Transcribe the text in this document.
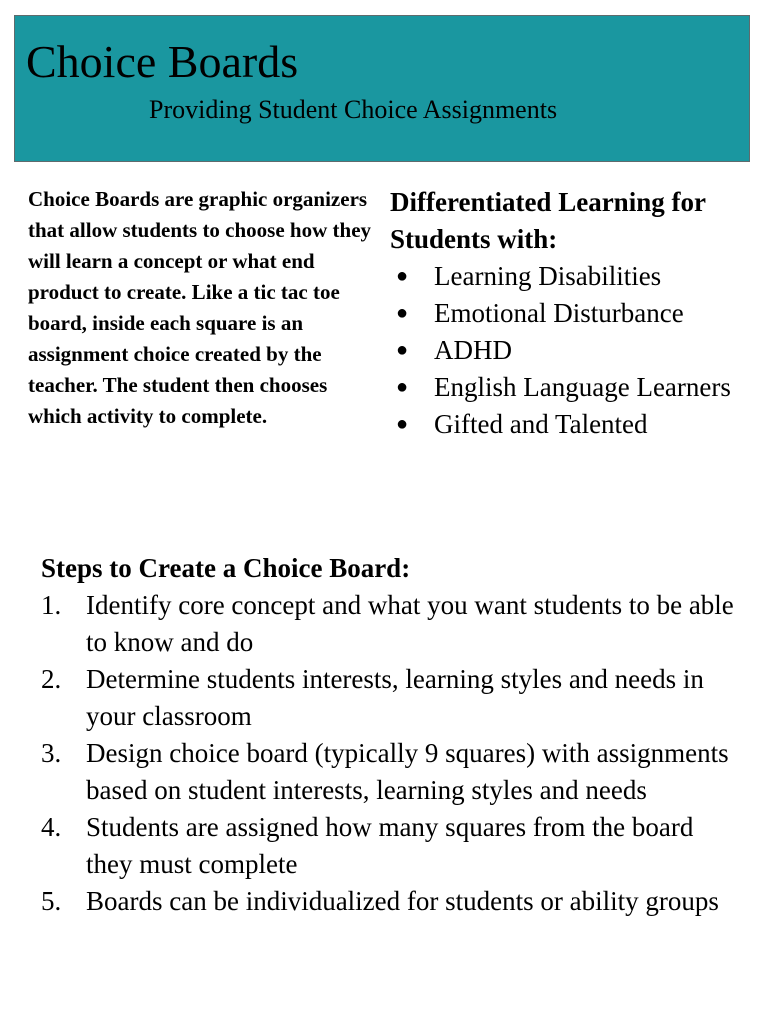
Choice Boards
Providing Student Choice Assignments

Choice Boards are graphic organizers that allow students to choose how they will learn a concept or what end product to create. Like a tic tac toe board, inside each square is an assignment choice created by the teacher. The student then chooses which activity to complete.

Differentiated Learning for Students with:

● Learning Disabilities
● Emotional Disturbance
● ADHD
● English Language Learners
● Gifted and Talented

Steps to Create a Choice Board:

1. Identify core concept and what you want students to be able to know and do
2. Determine students interests, learning styles and needs in your classroom
3. Design choice board (typically 9 squares) with assignments based on student interests, learning styles and needs
4. Students are assigned how many squares from the board they must complete
5. Boards can be individualized for students or ability groups
